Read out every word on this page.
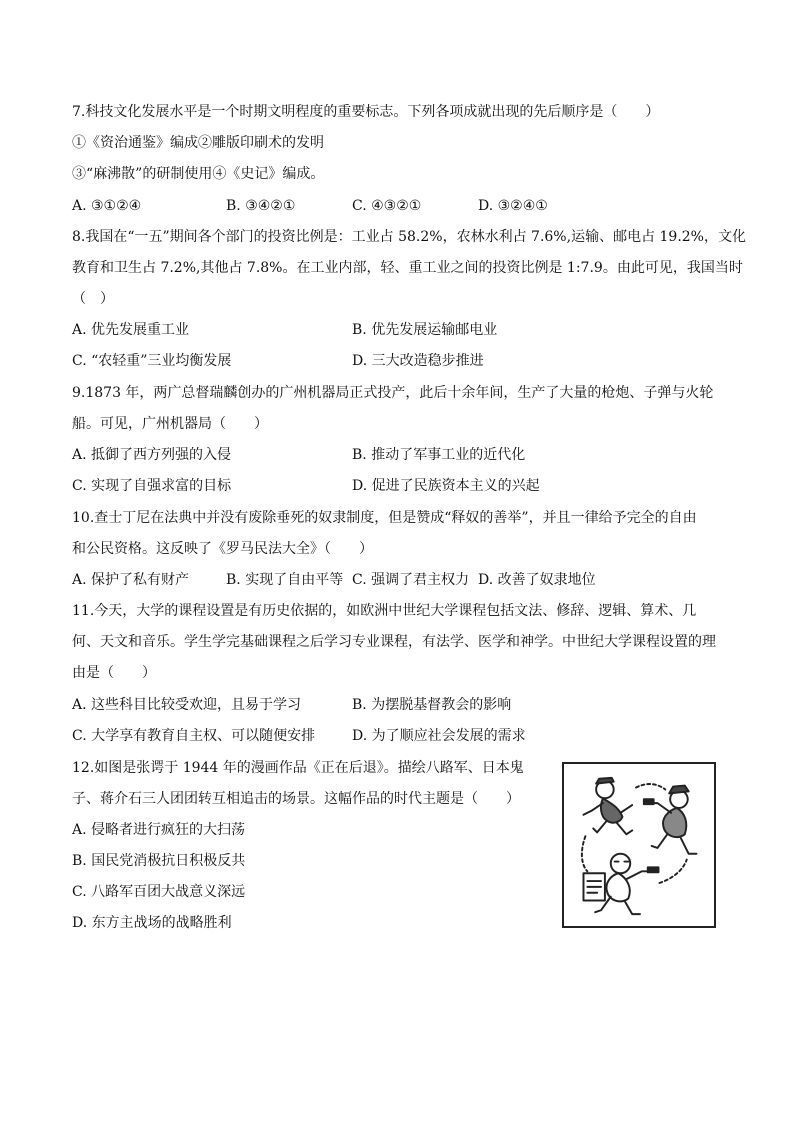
7.科技文化发展水平是一个时期文明程度的重要标志。下列各项成就出现的先后顺序是（　　）
①《资治通鉴》编成②雕版印刷术的发明
③“麻沸散”的研制使用④《史记》编成。
A. ③①②④	B. ③④②①	C. ④③②①	D. ③②④①
8.我国在“一五”期间各个部门的投资比例是：工业占 58.2%，农林水利占 7.6%,运输、邮电占 19.2%，文化
教育和卫生占 7.2%,其他占 7.8%。在工业内部，轻、重工业之间的投资比例是 1:7.9。由此可见，我国当时
（　）
A. 优先发展重工业	B. 优先发展运输邮电业
C. “农轻重”三业均衡发展	D. 三大改造稳步推进
9.1873 年，两广总督瑞麟创办的广州机器局正式投产，此后十余年间，生产了大量的枪炮、子弹与火轮
船。可见，广州机器局（　　）
A. 抵御了西方列强的入侵	B. 推动了军事工业的近代化
C. 实现了自强求富的目标	D. 促进了民族资本主义的兴起
10.查士丁尼在法典中并没有废除垂死的奴隶制度，但是赞成“释奴的善举”，并且一律给予完全的自由
和公民资格。这反映了《罗马民法大全》（　　）
A. 保护了私有财产	B. 实现了自由平等 C. 强调了君主权力 D. 改善了奴隶地位
11.今天，大学的课程设置是有历史依据的，如欧洲中世纪大学课程包括文法、修辞、逻辑、算术、几
何、天文和音乐。学生学完基础课程之后学习专业课程，有法学、医学和神学。中世纪大学课程设置的理
由是（　　）
A. 这些科目比较受欢迎，且易于学习	B. 为摆脱基督教会的影响
C. 大学享有教育自主权、可以随便安排	D. 为了顺应社会发展的需求
12.如图是张谔于 1944 年的漫画作品《正在后退》。描绘八路军、日本鬼
子、蒋介石三人团团转互相追击的场景。这幅作品的时代主题是（　　）
A. 侵略者进行疯狂的大扫荡
B. 国民党消极抗日积极反共
C. 八路军百团大战意义深远
D. 东方主战场的战略胜利
